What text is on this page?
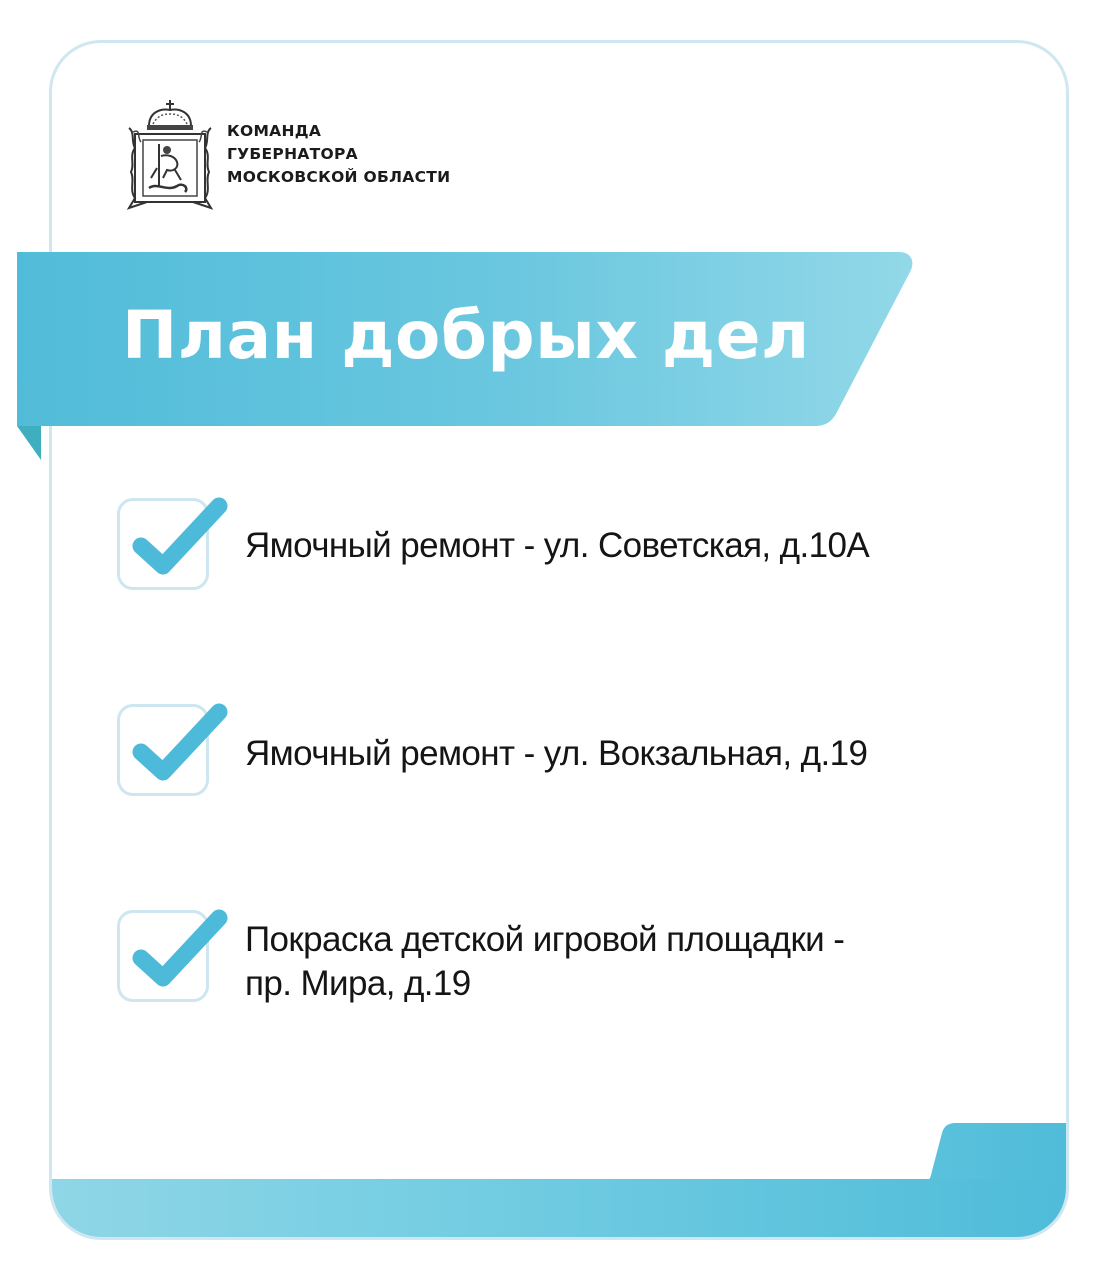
КОМАНДА
ГУБЕРНАТОРА
МОСКОВСКОЙ ОБЛАСТИ
План добрых дел
Ямочный ремонт - ул. Советская, д.10А
Ямочный ремонт - ул. Вокзальная, д.19
Покраска детской игровой площадки -
пр. Мира, д.19
